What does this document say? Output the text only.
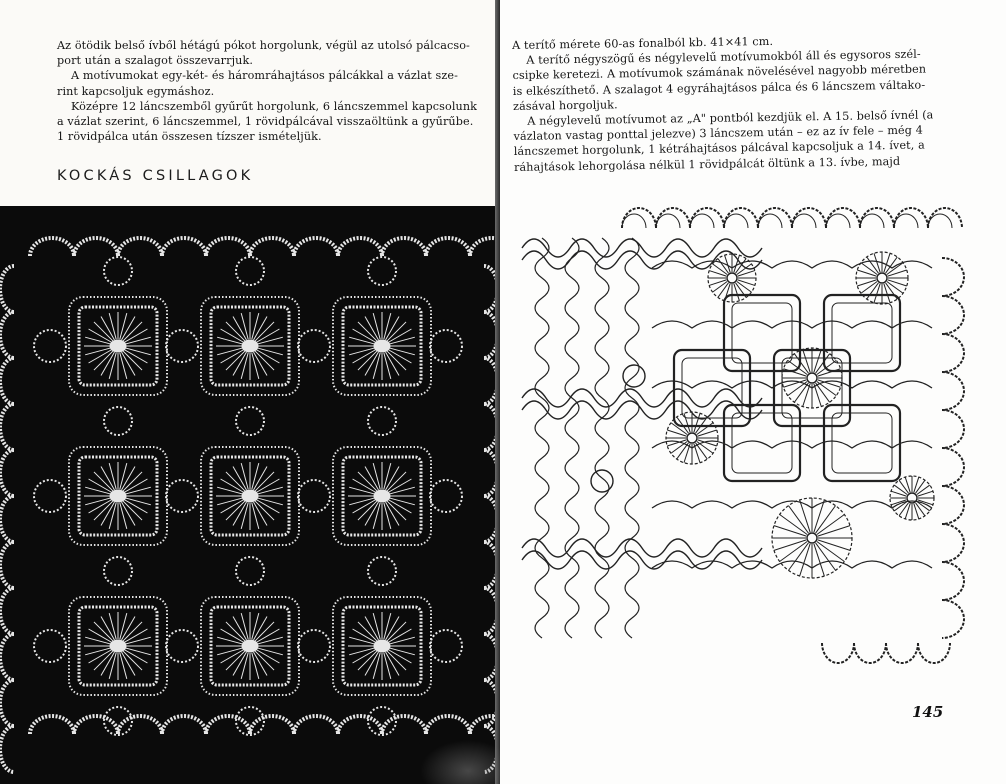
Az ötödik belső ívből hétágú pókot horgolunk, végül az utolsó pálcacso-port után a szalagot összevarrjuk.

A motívumokat egy-két- és háromráhajtásos pálcákkal a vázlat sze-rint kapcsoljuk egymáshoz.

Középre 12 láncszemből gyűrűt horgolunk, 6 láncszemmel kapcsolunk a vázlat szerint, 6 láncszemmel, 1 rövidpálcával visszaöltünk a gyűrűbe. 1 rövidpálca után összesen tízszer ismételjük.

KOCKÁS CSILLAGOK

A terítő mérete 60-as fonalból kb. 41×41 cm.

A terítő négyszögű és négylevelű motívumokból áll és egysoros szél-csipke keretezi. A motívumok számának növelésével nagyobb méretben is elkészíthető. A szalagot 4 egyráhajtásos pálca és 6 láncszem váltako-zásával horgoljuk.

A négylevelű motívumot az „A" pontból kezdjük el. A 15. belső ívnél (a vázlaton vastag ponttal jelezve) 3 láncszem után – ez az ív fele – még 4 láncszemet horgolunk, 1 kétráhajtásos pálcával kapcsoljuk a 14. ívet, a ráhajtások lehorgolása nélkül 1 rövidpálcát öltünk a 13. ívbe, majd

145
